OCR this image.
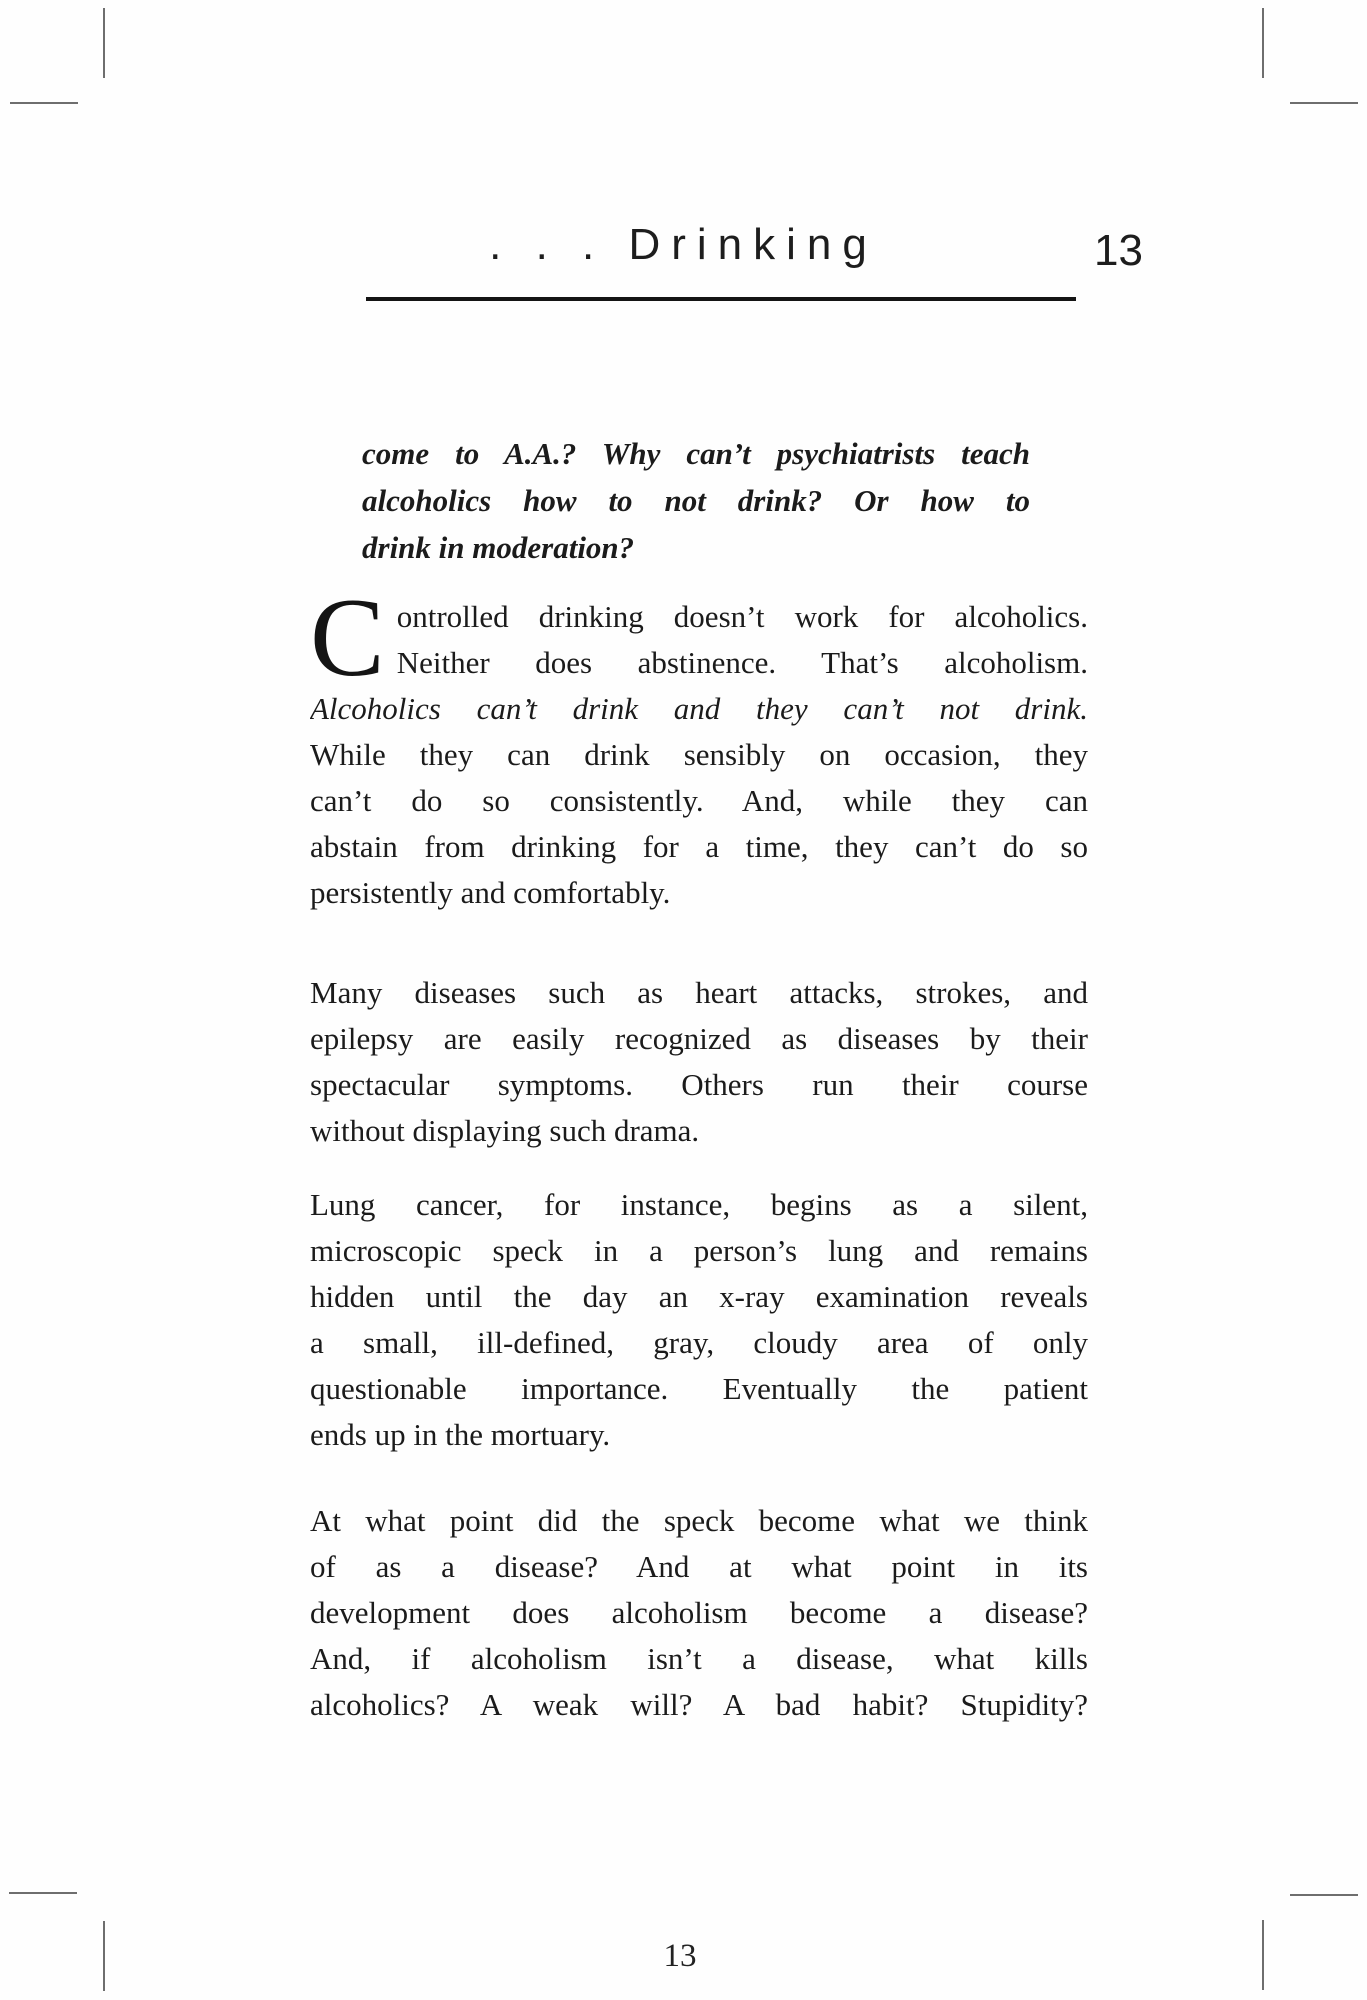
. . . Drinking	13
come to A.A.? Why can’t psychiatrists teach
alcoholics how to not drink? Or how to
drink in moderation?
C ontrolled drinking doesn’t work for alcoholics.
Neither does abstinence. That’s alcoholism.
Alcoholics can’t drink and they can’t not drink.
While they can drink sensibly on occasion, they
can’t do so consistently. And, while they can
abstain from drinking for a time, they can’t do so
persistently and comfortably.
Many diseases such as heart attacks, strokes, and
epilepsy are easily recognized as diseases by their
spectacular symptoms. Others run their course
without displaying such drama.
Lung cancer, for instance, begins as a silent,
microscopic speck in a person’s lung and remains
hidden until the day an x-ray examination reveals
a small, ill-defined, gray, cloudy area of only
questionable importance. Eventually the patient
ends up in the mortuary.
At what point did the speck become what we think
of as a disease? And at what point in its
development does alcoholism become a disease?
And, if alcoholism isn’t a disease, what kills
alcoholics? A weak will? A bad habit? Stupidity?
13
